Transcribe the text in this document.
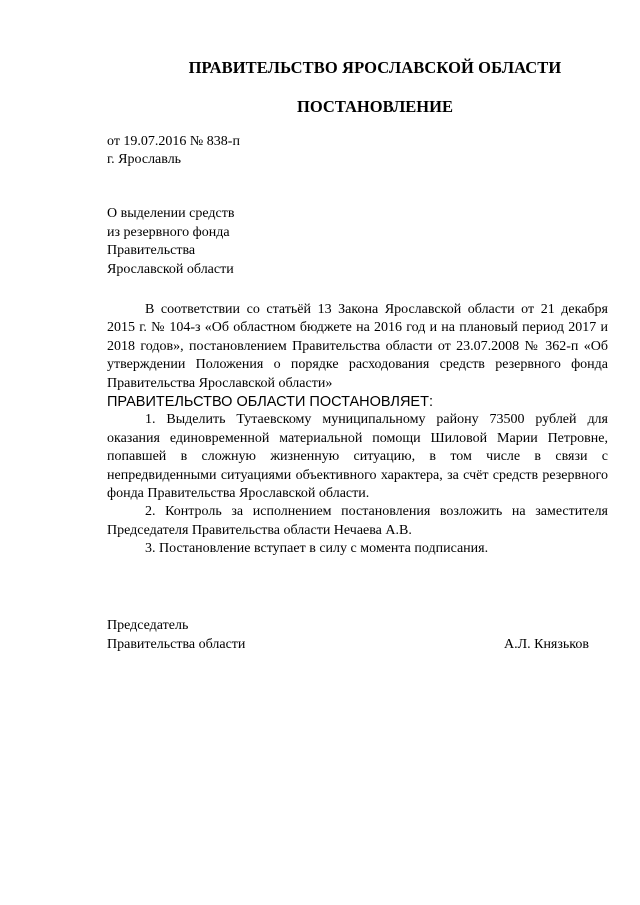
ПРАВИТЕЛЬСТВО ЯРОСЛАВСКОЙ ОБЛАСТИ
ПОСТАНОВЛЕНИЕ
от 19.07.2016 № 838-п
г. Ярославль
О выделении средств
из резервного фонда
Правительства
Ярославской области

В соответствии со статьёй 13 Закона Ярославской области от 21 декабря 2015 г. № 104-з «Об областном бюджете на 2016 год и на плановый период 2017 и 2018 годов», постановлением Правительства области от 23.07.2008 № 362-п «Об утверждении Положения о порядке расходования средств резервного фонда Правительства Ярославской области»

ПРАВИТЕЛЬСТВО ОБЛАСТИ ПОСТАНОВЛЯЕТ:

1. Выделить Тутаевскому муниципальному району 73500 рублей для оказания единовременной материальной помощи Шиловой Марии Петровне, попавшей в сложную жизненную ситуацию, в том числе в связи с непредвиденными ситуациями объективного характера, за счёт средств резервного фонда Правительства Ярославской области.

2. Контроль за исполнением постановления возложить на заместителя Председателя Правительства области Нечаева А.В.

3. Постановление вступает в силу с момента подписания.

Председатель
Правительства области	А.Л. Князьков
